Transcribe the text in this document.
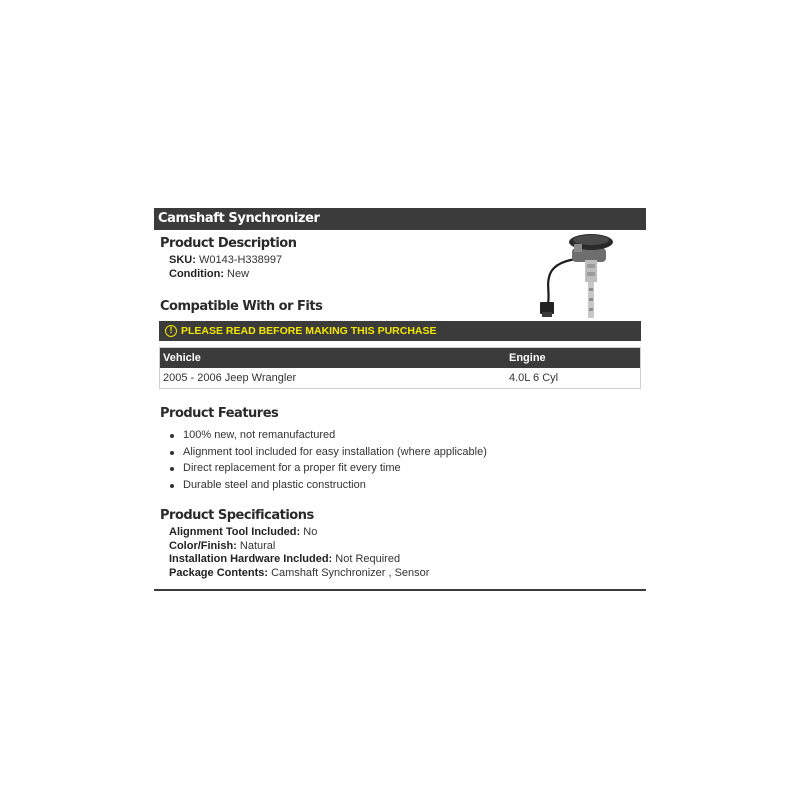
Camshaft Synchronizer
Product Description
SKU: W0143-H338997
Condition: New
Compatible With or Fits
! PLEASE READ BEFORE MAKING THIS PURCHASE
Vehicle	Engine
2005 - 2006 Jeep Wrangler	4.0L 6 Cyl
Product Features
100% new, not remanufactured
Alignment tool included for easy installation (where applicable)
Direct replacement for a proper fit every time
Durable steel and plastic construction
Product Specifications
Alignment Tool Included: No
Color/Finish: Natural
Installation Hardware Included: Not Required
Package Contents: Camshaft Synchronizer , Sensor
